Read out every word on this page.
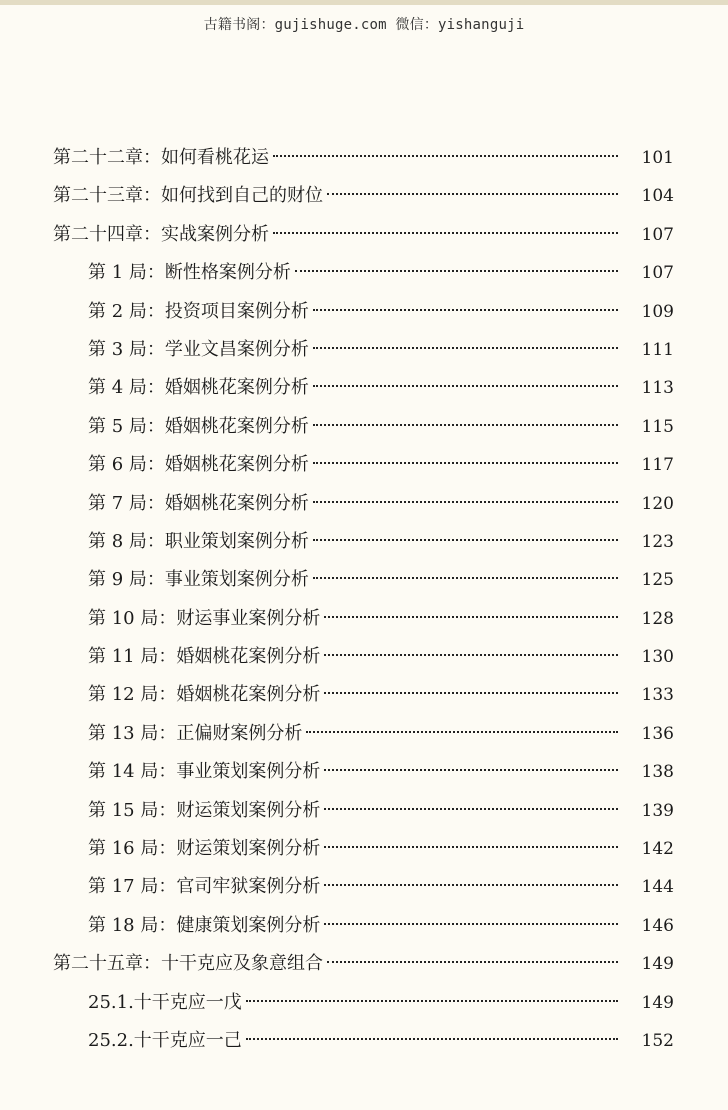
古籍书阁：gujishuge.com 微信：yishanguji
第二十二章：如何看桃花运	101
第二十三章：如何找到自己的财位	104
第二十四章：实战案例分析	107
第 1 局：断性格案例分析	107
第 2 局：投资项目案例分析	109
第 3 局：学业文昌案例分析	111
第 4 局：婚姻桃花案例分析	113
第 5 局：婚姻桃花案例分析	115
第 6 局：婚姻桃花案例分析	117
第 7 局：婚姻桃花案例分析	120
第 8 局：职业策划案例分析	123
第 9 局：事业策划案例分析	125
第 10 局：财运事业案例分析	128
第 11 局：婚姻桃花案例分析	130
第 12 局：婚姻桃花案例分析	133
第 13 局：正偏财案例分析	136
第 14 局：事业策划案例分析	138
第 15 局：财运策划案例分析	139
第 16 局：财运策划案例分析	142
第 17 局：官司牢狱案例分析	144
第 18 局：健康策划案例分析	146
第二十五章：十干克应及象意组合	149
25.1.十干克应一戊	149
25.2.十干克应一己	152
